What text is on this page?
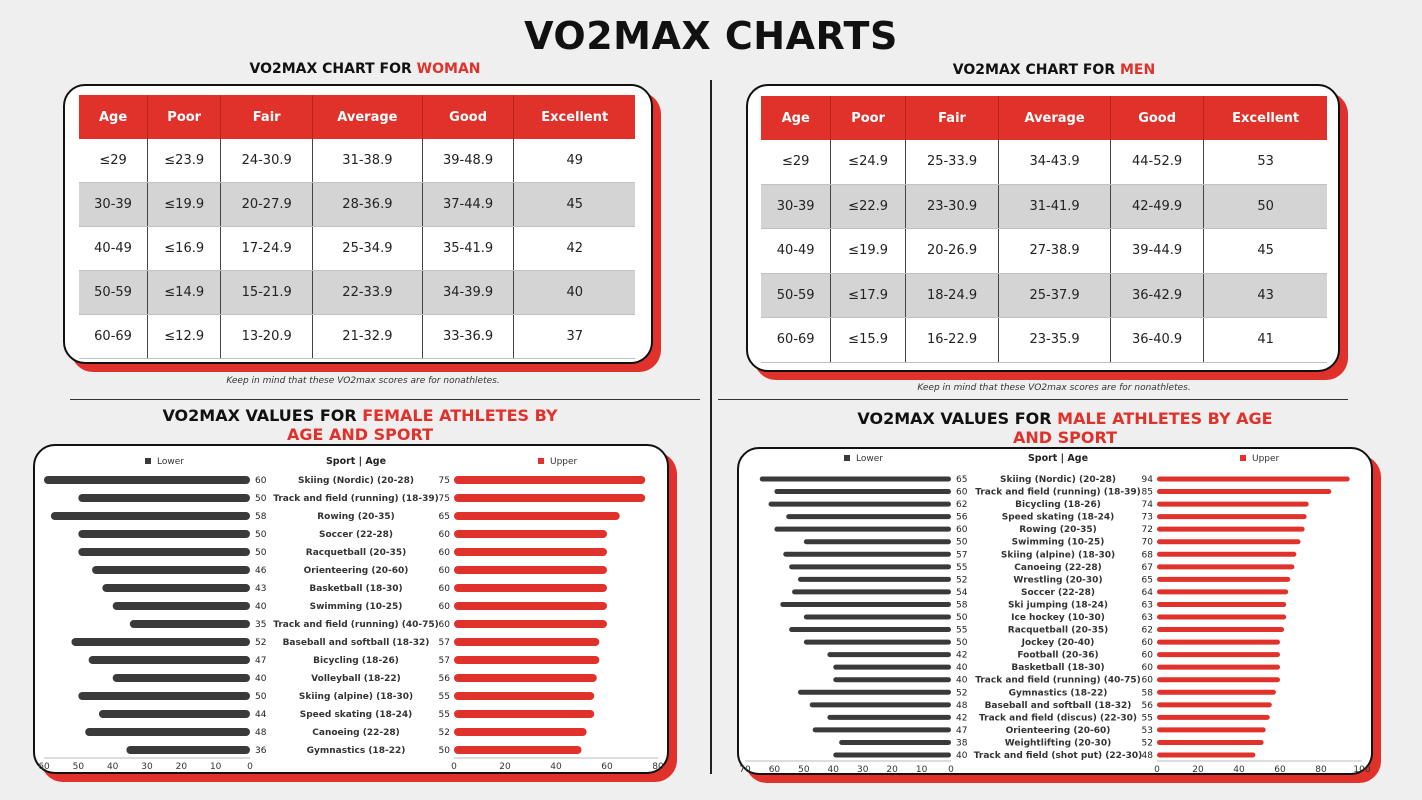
VO2MAX CHARTS
VO2MAX CHART FOR WOMAN	VO2MAX CHART FOR MEN
Age	Poor	Fair	Average	Good	Excellent
≤29	≤23.9	24-30.9	31-38.9	39-48.9	49
30-39	≤19.9	20-27.9	28-36.9	37-44.9	45
40-49	≤16.9	17-24.9	25-34.9	35-41.9	42
50-59	≤14.9	15-21.9	22-33.9	34-39.9	40
60-69	≤12.9	13-20.9	21-32.9	33-36.9	37
Keep in mind that these VO2max scores are for nonathletes.
Age	Poor	Fair	Average	Good	Excellent
≤29	≤24.9	25-33.9	34-43.9	44-52.9	53
30-39	≤22.9	23-30.9	31-41.9	42-49.9	50
40-49	≤19.9	20-26.9	27-38.9	39-44.9	45
50-59	≤17.9	18-24.9	25-37.9	36-42.9	43
60-69	≤15.9	16-22.9	23-35.9	36-40.9	41
Keep in mind that these VO2max scores are for nonathletes.
VO2MAX VALUES FOR FEMALE ATHLETES BY
AGE AND SPORT
VO2MAX VALUES FOR MALE ATHLETES BY AGE
AND SPORT
Lower	Upper
Sport | Age
60	Skiing (Nordic) (20-28)	75
50 Track and field (running) (18-39) 75
58	Rowing (20-35)	65
50	Soccer (22-28)	60
50	Racquetball (20-35)	60
46	Orienteering (20-60)	60
43	Basketball (18-30)	60
40	Swimming (10-25)	60
35 Track and field (running) (40-75) 60
52 Baseball and softball (18-32) 57
47	Bicycling (18-26)	57
40	Volleyball (18-22)	56
50	Skiing (alpine) (18-30)	55
44	Speed skating (18-24)	55
48	Canoeing (22-28)	52
36	Gymnastics (18-22)	50
60	50	40	30	20	10	0	0	20	40	60	80
Lower	Upper
Sport | Age
65	Skiing (Nordic) (20-28)	94
60 Track and field (running) (18-39) 85
62	Bicycling (18-26)	74
56	Speed skating (18-24)	73
60	Rowing (20-35)	72
50	Swimming (10-25)	70
57	Skiing (alpine) (18-30)	68
55	Canoeing (22-28)	67
52	Wrestling (20-30)	65
54	Soccer (22-28)	64
58	Ski jumping (18-24)	63
50	Ice hockey (10-30)	63
55	Racquetball (20-35)	62
50	Jockey (20-40)	60
42	Football (20-36)	60
40	Basketball (18-30)	60
40 Track and field (running) (40-75) 60
52	Gymnastics (18-22)	58
48 Baseball and softball (18-32) 56
42 Track and field (discus) (22-30) 55
47	Orienteering (20-60)	53
38	Weightlifting (20-30)	52
40 Track and field (shot put) (22-30) 48
70 60 50 40 30 20 10 0	0	20	40	60	80	100
